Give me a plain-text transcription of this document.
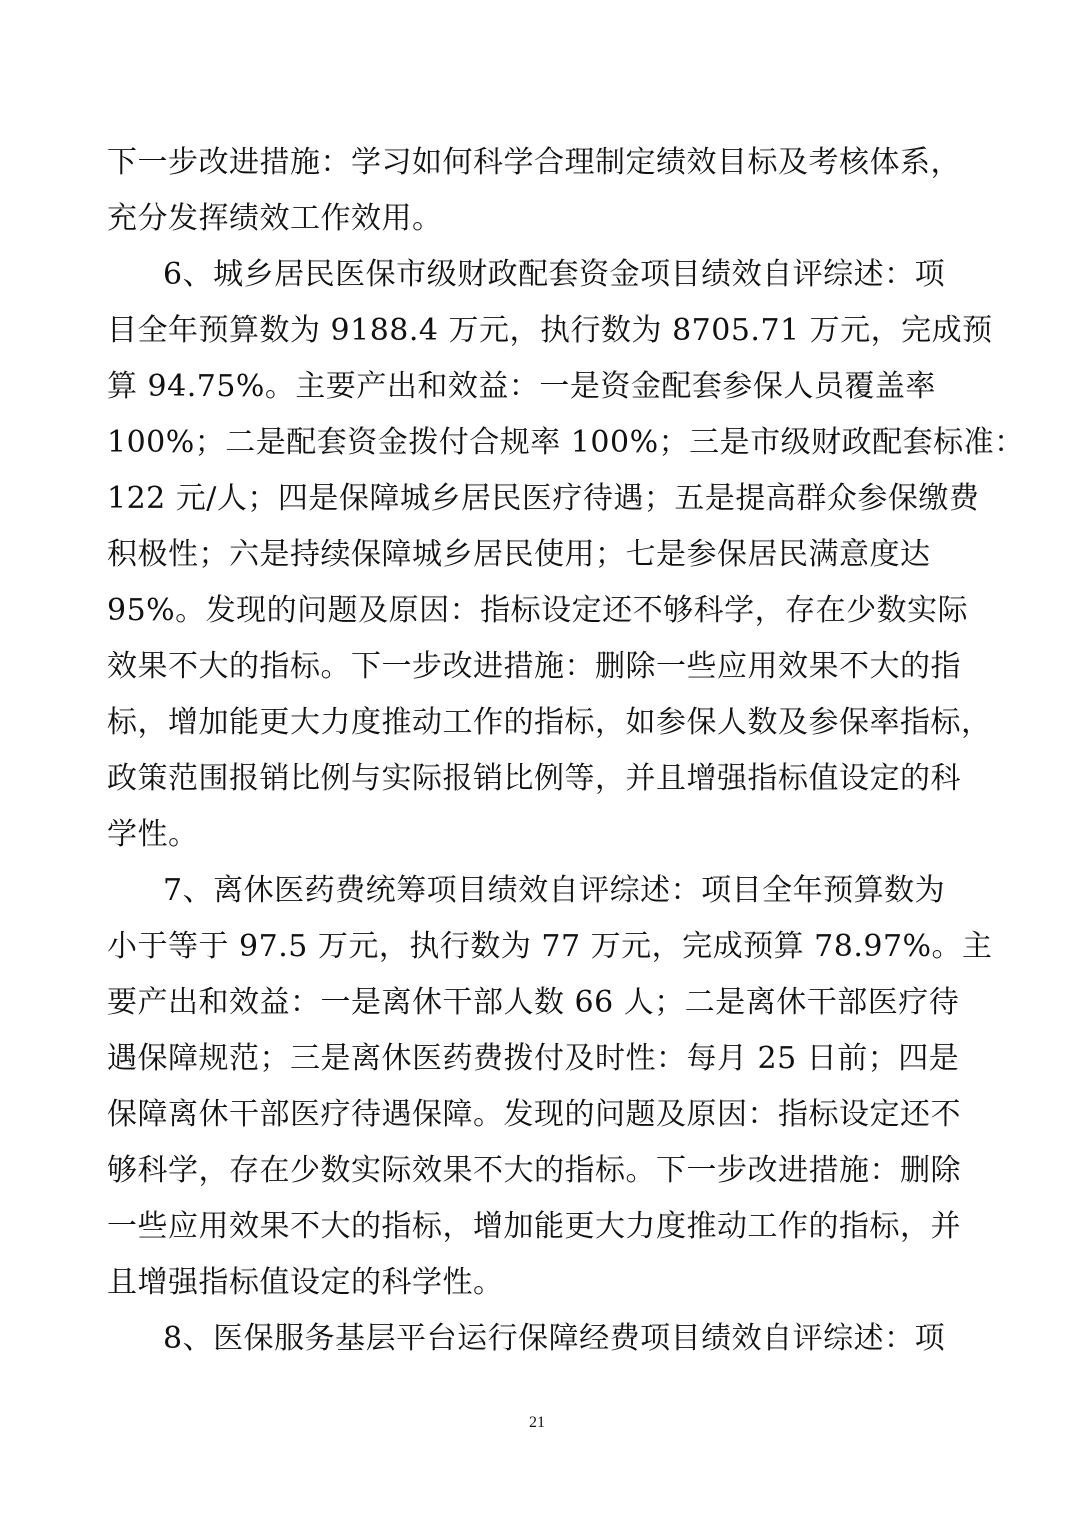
下一步改进措施：学习如何科学合理制定绩效目标及考核体系，
充分发挥绩效工作效用。
6、城乡居民医保市级财政配套资金项目绩效自评综述：项
目全年预算数为 9188.4 万元，执行数为 8705.71 万元，完成预
算 94.75%。主要产出和效益：一是资金配套参保人员覆盖率
100%；二是配套资金拨付合规率 100%；三是市级财政配套标准：
122 元/人；四是保障城乡居民医疗待遇；五是提高群众参保缴费
积极性；六是持续保障城乡居民使用；七是参保居民满意度达
95%。发现的问题及原因：指标设定还不够科学，存在少数实际
效果不大的指标。下一步改进措施：删除一些应用效果不大的指
标，增加能更大力度推动工作的指标，如参保人数及参保率指标，
政策范围报销比例与实际报销比例等，并且增强指标值设定的科
学性。
7、离休医药费统筹项目绩效自评综述：项目全年预算数为
小于等于 97.5 万元，执行数为 77 万元，完成预算 78.97%。主
要产出和效益：一是离休干部人数 66 人；二是离休干部医疗待
遇保障规范；三是离休医药费拨付及时性：每月 25 日前；四是
保障离休干部医疗待遇保障。发现的问题及原因：指标设定还不
够科学，存在少数实际效果不大的指标。下一步改进措施：删除
一些应用效果不大的指标，增加能更大力度推动工作的指标，并
且增强指标值设定的科学性。
8、医保服务基层平台运行保障经费项目绩效自评综述：项
21
